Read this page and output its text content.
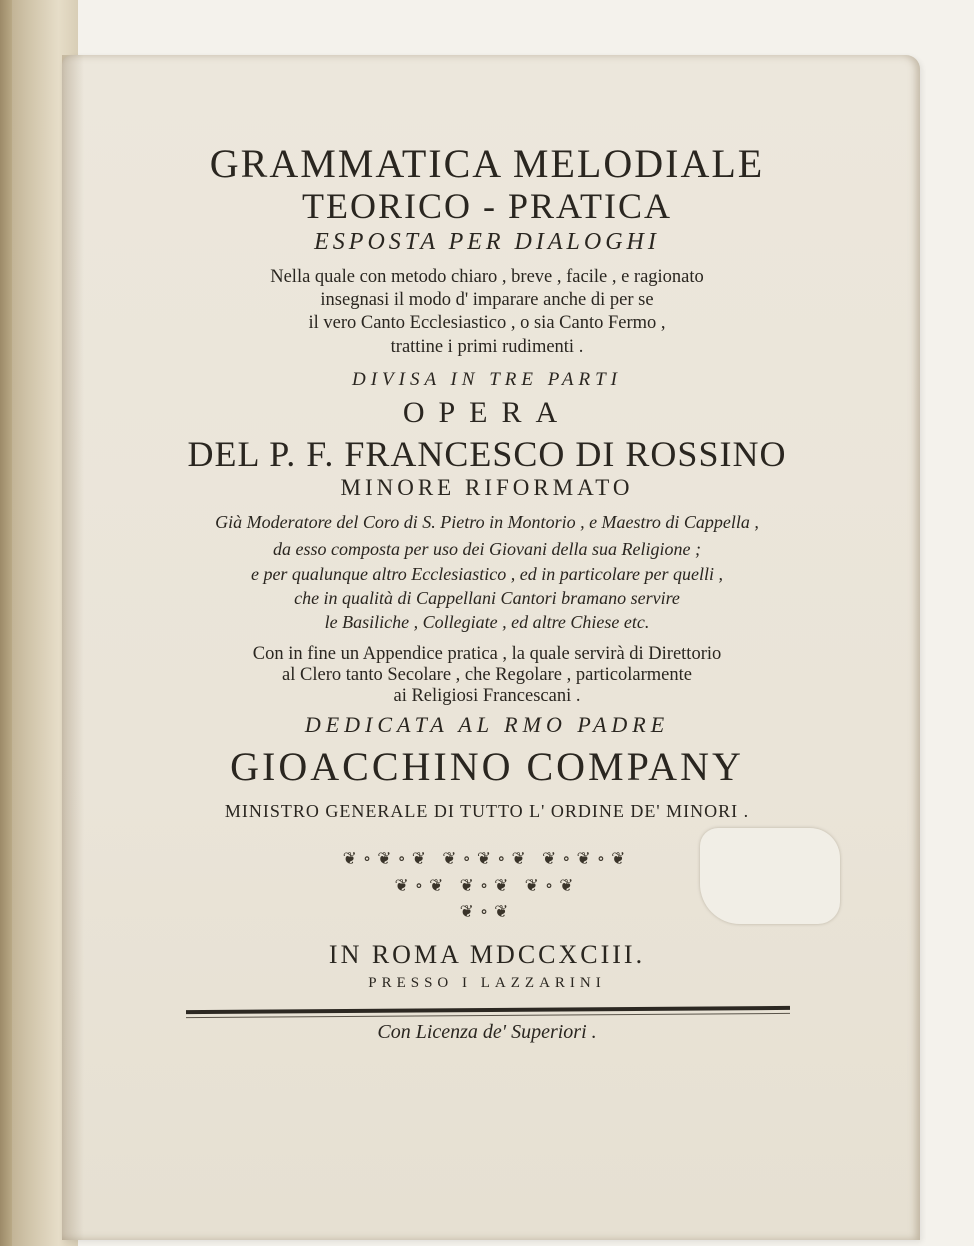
GRAMMATICA MELODIALE
TEORICO - PRATICA
ESPOSTA PER DIALOGHI
Nella quale con metodo chiaro , breve , facile , e ragionato
insegnasi il modo d' imparare anche di per se
il vero Canto Ecclesiastico , o sia Canto Fermo ,
trattine i primi rudimenti .
DIVISA IN TRE PARTI
OPERA
DEL P. F. FRANCESCO DI ROSSINO
MINORE RIFORMATO
Già Moderatore del Coro di S. Pietro in Montorio , e Maestro di Cappella ,
da esso composta per uso dei Giovani della sua Religione ;
e per qualunque altro Ecclesiastico , ed in particolare per quelli ,
che in qualità di Cappellani Cantori bramano servire
le Basiliche , Collegiate , ed altre Chiese etc.
Con in fine un Appendice pratica , la quale servirà di Direttorio
al Clero tanto Secolare , che Regolare , particolarmente
ai Religiosi Francescani .
DEDICATA AL RMO PADRE
GIOACCHINO COMPANY
MINISTRO GENERALE DI TUTTO L' ORDINE DE' MINORI .
❦∘❦∘❦ ❦∘❦∘❦ ❦∘❦∘❦
❦∘❦ ❦∘❦ ❦∘❦
❦∘❦
IN ROMA MDCCXCIII.
PRESSO I LAZZARINI
Con Licenza de' Superiori .
